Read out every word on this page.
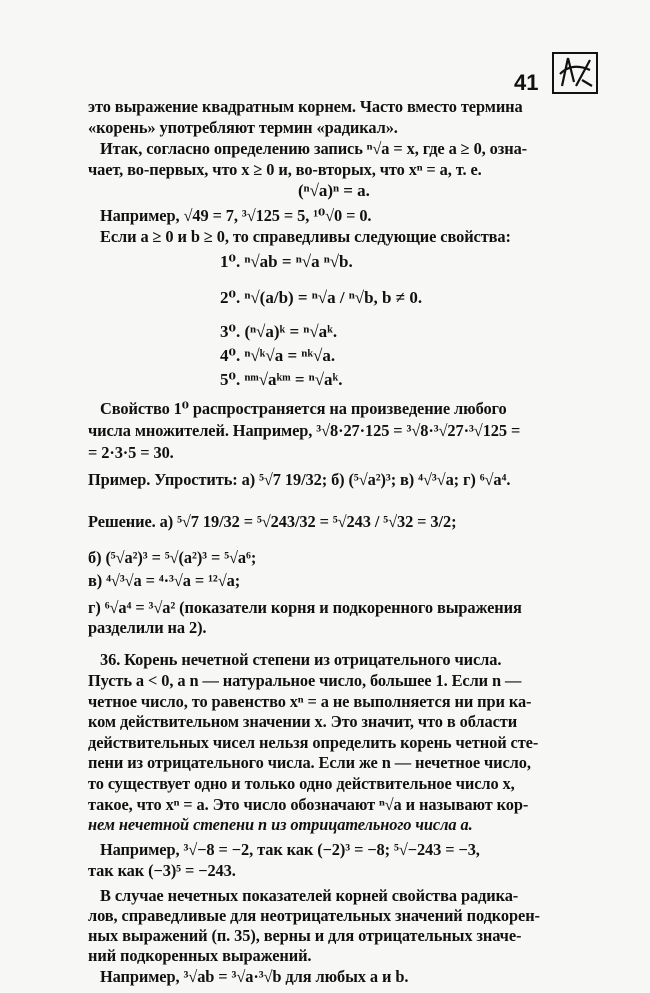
41
это выражение квадратным корнем. Часто вместо термина
«корень» употребляют термин «радикал».
Итак, согласно определению запись ⁿ√a = x, где a ≥ 0, озна-
чает, во-первых, что x ≥ 0 и, во-вторых, что xⁿ = a, т. е.
(ⁿ√a)ⁿ = a.
Например, √49 = 7, ³√125 = 5, ¹⁰√0 = 0.
Если a ≥ 0 и b ≥ 0, то справедливы следующие свойства:
1⁰. ⁿ√ab = ⁿ√a ⁿ√b.
2⁰. ⁿ√(a/b) = ⁿ√a / ⁿ√b, b ≠ 0.
3⁰. (ⁿ√a)ᵏ = ⁿ√aᵏ.
4⁰. ⁿ√ᵏ√a = ⁿᵏ√a.
5⁰. ⁿᵐ√aᵏᵐ = ⁿ√aᵏ.
Свойство 1⁰ распространяется на произведение любого
числа множителей. Например, ³√8·27·125 = ³√8·³√27·³√125 =
= 2·3·5 = 30.
Пример. Упростить: а) ⁵√7 19/32; б) (⁵√a²)³; в) ⁴√³√a; г) ⁶√a⁴.
Решение. а) ⁵√7 19/32 = ⁵√243/32 = ⁵√243 / ⁵√32 = 3/2;
б) (⁵√a²)³ = ⁵√(a²)³ = ⁵√a⁶;
в) ⁴√³√a = ⁴·³√a = ¹²√a;
г) ⁶√a⁴ = ³√a² (показатели корня и подкоренного выражения
разделили на 2).
36. Корень нечетной степени из отрицательного числа.
Пусть a < 0, а n — натуральное число, большее 1. Если n —
четное число, то равенство xⁿ = a не выполняется ни при ка-
ком действительном значении x. Это значит, что в области
действительных чисел нельзя определить корень четной сте-
пени из отрицательного числа. Если же n — нечетное число,
то существует одно и только одно действительное число x,
такое, что xⁿ = a. Это число обозначают ⁿ√a и называют кор-
нем нечетной степени n из отрицательного числа a.
Например, ³√−8 = −2, так как (−2)³ = −8; ⁵√−243 = −3,
так как (−3)⁵ = −243.
В случае нечетных показателей корней свойства радика-
лов, справедливые для неотрицательных значений подкорен-
ных выражений (п. 35), верны и для отрицательных значе-
ний подкоренных выражений.
Например, ³√ab = ³√a·³√b для любых a и b.
